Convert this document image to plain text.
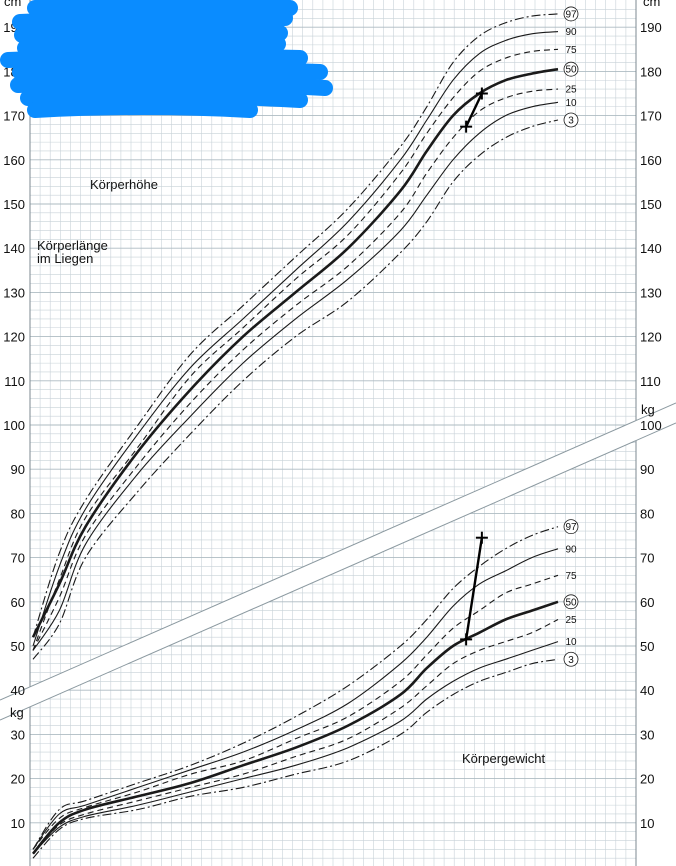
97
90
75
50
25
10
3
97
90
75
50
25
10
3
10
20
30
40
50
60
70
80
90
100
110
120
130
140
150
160
170
180
190
10
20
30
40
50
60
70
80
90
100
110
120
130
140
150
160
170
180
190
cm	cm
kg
kg
Körperhöhe
Körperlänge
im Liegen
Körpergewicht
